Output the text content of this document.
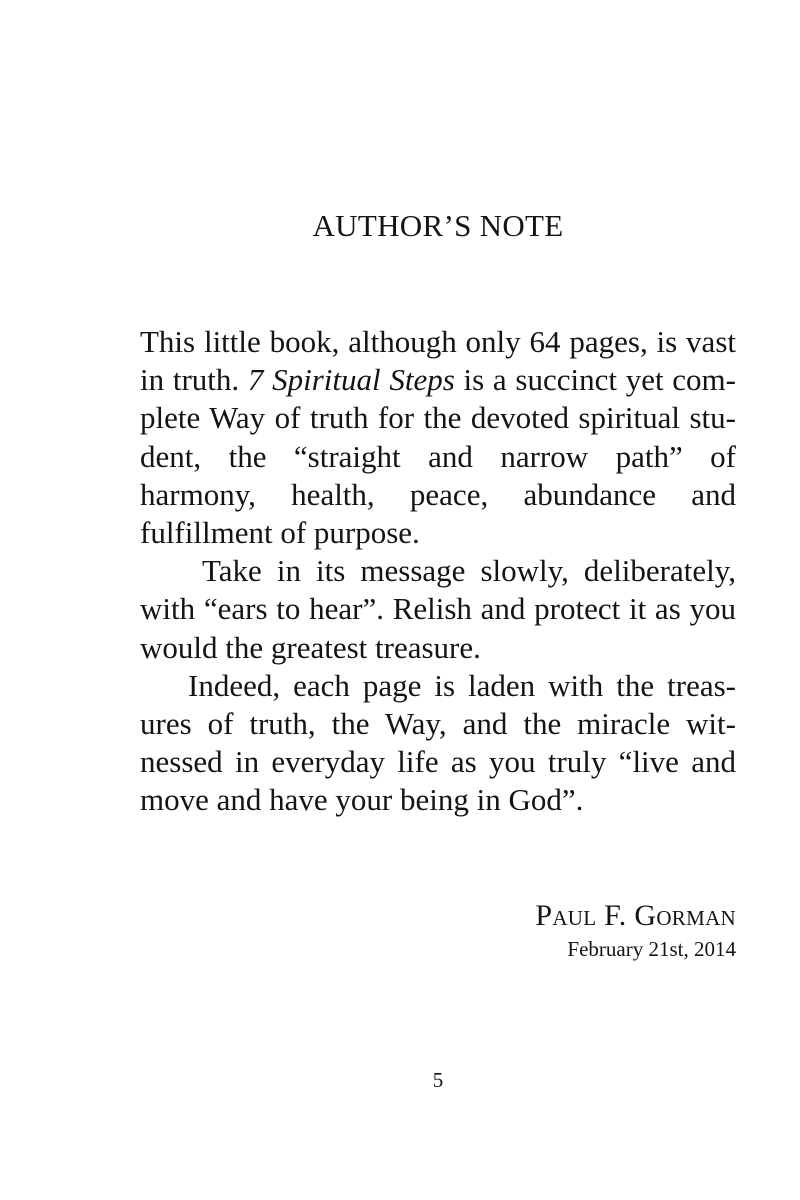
AUTHOR’S NOTE

This little book, although only 64 pages, is vast in truth. 7 Spiritual Steps is a succinct yet complete Way of truth for the devoted spiritual student, the “straight and narrow path” of harmony, health, peace, abundance and fulfillment of purpose.

Take in its message slowly, deliberately, with “ears to hear”. Relish and protect it as you would the greatest treasure.

Indeed, each page is laden with the treasures of truth, the Way, and the miracle witnessed in everyday life as you truly “live and move and have your being in God”.

Paul F. Gorman
February 21st, 2014
5
